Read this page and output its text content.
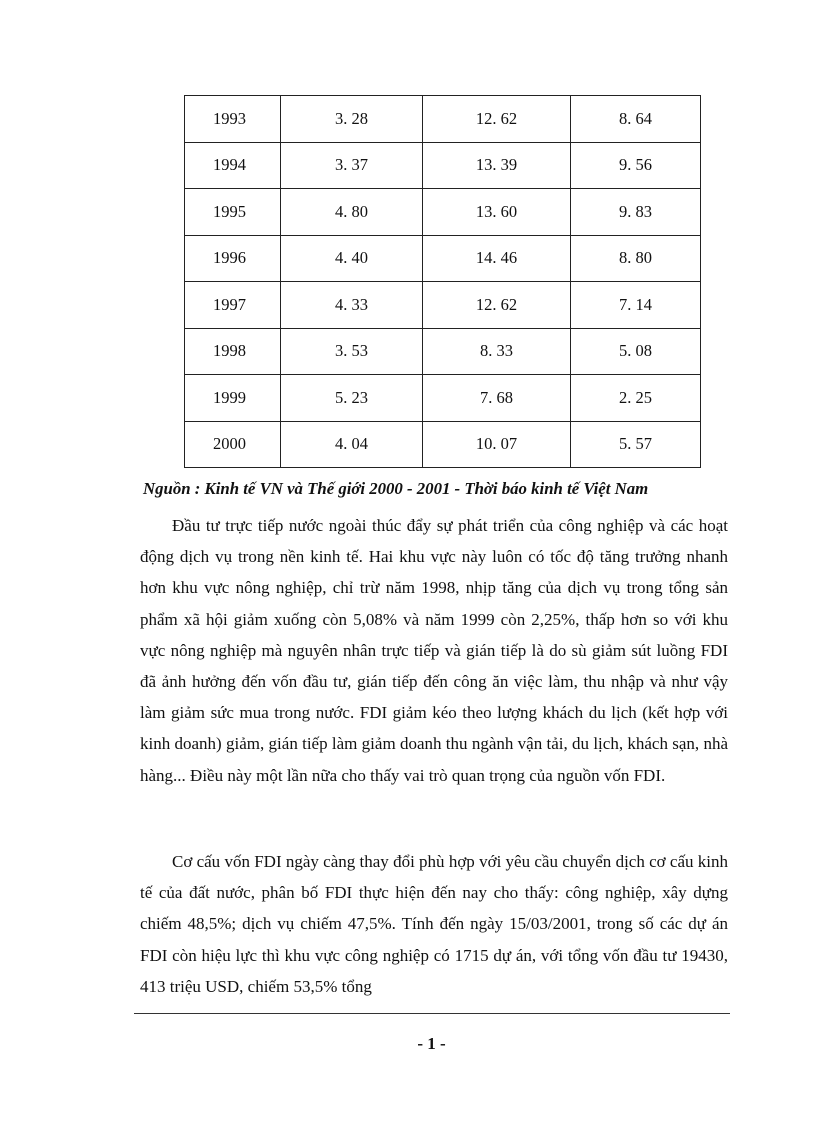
1993	3. 28	12. 62	8. 64
1994	3. 37	13. 39	9. 56
1995	4. 80	13. 60	9. 83
1996	4. 40	14. 46	8. 80
1997	4. 33	12. 62	7. 14
1998	3. 53	8. 33	5. 08
1999	5. 23	7. 68	2. 25
2000	4. 04	10. 07	5. 57
Nguồn : Kinh tế VN và Thế giới 2000 - 2001 - Thời báo kinh tế Việt Nam

Đầu tư trực tiếp nước ngoài thúc đẩy sự phát triển của công nghiệp và các hoạt động dịch vụ trong nền kinh tế. Hai khu vực này luôn có tốc độ tăng trưởng nhanh hơn khu vực nông nghiệp, chỉ trừ năm 1998, nhịp tăng của dịch vụ trong tổng sản phẩm xã hội giảm xuống còn 5,08% và năm 1999 còn 2,25%, thấp hơn so với khu vực nông nghiệp mà nguyên nhân trực tiếp và gián tiếp là do sù giảm sút luồng FDI đã ảnh hưởng đến vốn đầu tư, gián tiếp đến công ăn việc làm, thu nhập và như vậy làm giảm sức mua trong nước. FDI giảm kéo theo lượng khách du lịch (kết hợp với kinh doanh) giảm, gián tiếp làm giảm doanh thu ngành vận tải, du lịch, khách sạn, nhà hàng... Điều này một lần nữa cho thấy vai trò quan trọng của nguồn vốn FDI.

Cơ cấu vốn FDI ngày càng thay đổi phù hợp với yêu cầu chuyển dịch cơ cấu kinh tế của đất nước, phân bố FDI thực hiện đến nay cho thấy: công nghiệp, xây dựng chiếm 48,5%; dịch vụ chiếm 47,5%. Tính đến ngày 15/03/2001, trong số các dự án FDI còn hiệu lực thì khu vực công nghiệp có 1715 dự án, với tổng vốn đầu tư 19430, 413 triệu USD, chiếm 53,5% tổng

- 1 -
